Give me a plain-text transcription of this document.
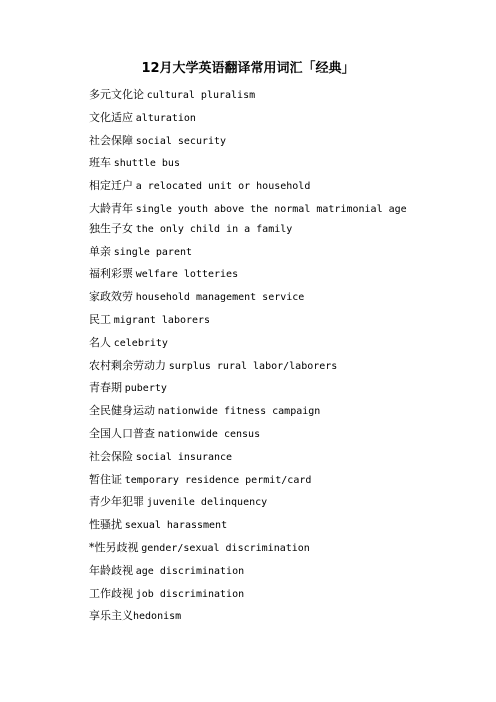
12月大学英语翻译常用词汇「经典」
多元文化论 cultural pluralism
文化适应 alturation
社会保障 social security
班车 shuttle bus
相定迁户 a relocated unit or household
大龄青年 single youth above the normal matrimonial age
独生子女 the only child in a family
单亲 single parent
福利彩票 welfare lotteries
家政效劳 household management service
民工 migrant laborers
名人 celebrity
农村剩余劳动力 surplus rural labor/laborers
青春期 puberty
全民健身运动 nationwide fitness campaign
全国人口普查 nationwide census
社会保险 social insurance
暂住证 temporary residence permit/card
青少年犯罪 juvenile delinquency
性骚扰 sexual harassment
*性另歧视 gender/sexual discrimination
年龄歧视 age discrimination
工作歧视 job discrimination
享乐主义hedonism
